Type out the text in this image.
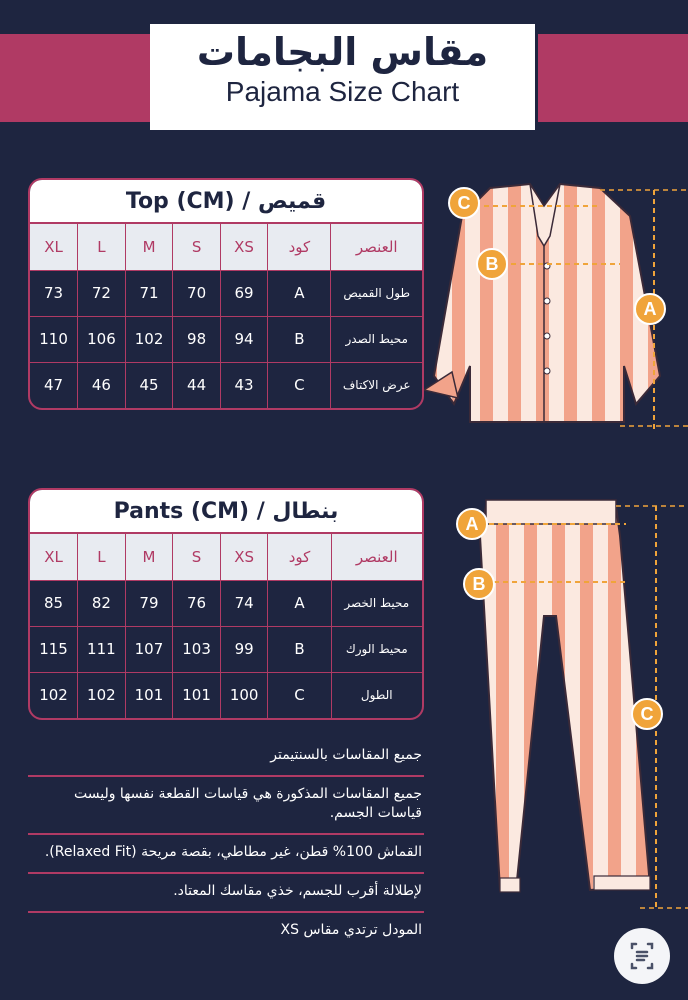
مقاس البجامات
Pajama Size Chart
Top (CM) / قميص
XL	L	M	S	XS	كود	العنصر
73	72	71	70	69	A	طول القميص
110	106	102	98	94	B	محيط الصدر
47	46	45	44	43	C	عرض الاكتاف
Pants (CM) / بنطال
XL	L	M	S	XS	كود	العنصر
85	82	79	76	74	A	محيط الخصر
115	111	107	103	99	B	محيط الورك
102	102	101	101	100	C	الطول
جميع المقاسات بالسنتيمتر
جميع المقاسات المذكورة هي قياسات القطعة نفسها وليست قياسات الجسم.
القماش 100% قطن، غير مطاطي، بقصة مريحة (Relaxed Fit).
لإطلالة أقرب للجسم، خذي مقاسك المعتاد.
المودل ترتدي مقاس XS
C
B
A
A
B
C
